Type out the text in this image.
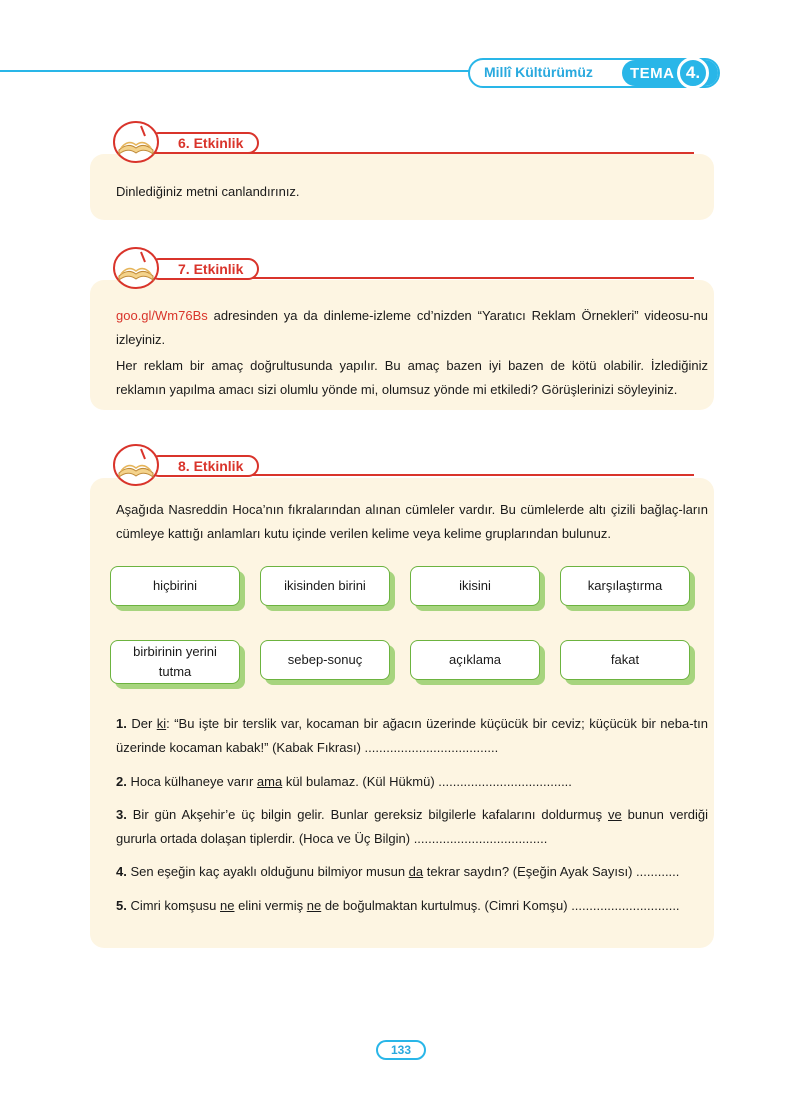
Millî Kültürümüz TEMA 4.
6. Etkinlik
Dinlediğiniz metni canlandırınız.
7. Etkinlik
goo.gl/Wm76Bs adresinden ya da dinleme-izleme cd’nizden “Yaratıcı Reklam Örnekleri” videosu-nu izleyiniz.
Her reklam bir amaç doğrultusunda yapılır. Bu amaç bazen iyi bazen de kötü olabilir. İzlediğiniz reklamın yapılma amacı sizi olumlu yönde mi, olumsuz yönde mi etkiledi? Görüşlerinizi söyleyiniz.
8. Etkinlik
Aşağıda Nasreddin Hoca’nın fıkralarından alınan cümleler vardır. Bu cümlelerde altı çizili bağlaç-ların cümleye kattığı anlamları kutu içinde verilen kelime veya kelime gruplarından bulunuz.
hiçbirini	ikisinden birini	ikisini	karşılaştırma
birbirinin yerini tutma
sebep-sonuç	açıklama	fakat
1. Der ki: “Bu işte bir terslik var, kocaman bir ağacın üzerinde küçücük bir ceviz; küçücük bir neba-tın üzerinde kocaman kabak!” (Kabak Fıkrası) .....................................
2. Hoca külhaneye varır ama kül bulamaz. (Kül Hükmü) .....................................
3. Bir gün Akşehir’e üç bilgin gelir. Bunlar gereksiz bilgilerle kafalarını doldurmuş ve bunun verdiği gururla ortada dolaşan tiplerdir. (Hoca ve Üç Bilgin) .....................................
4. Sen eşeğin kaç ayaklı olduğunu bilmiyor musun da tekrar saydın? (Eşeğin Ayak Sayısı) ............
5. Cimri komşusu ne elini vermiş ne de boğulmaktan kurtulmuş. (Cimri Komşu) ..............................
133
